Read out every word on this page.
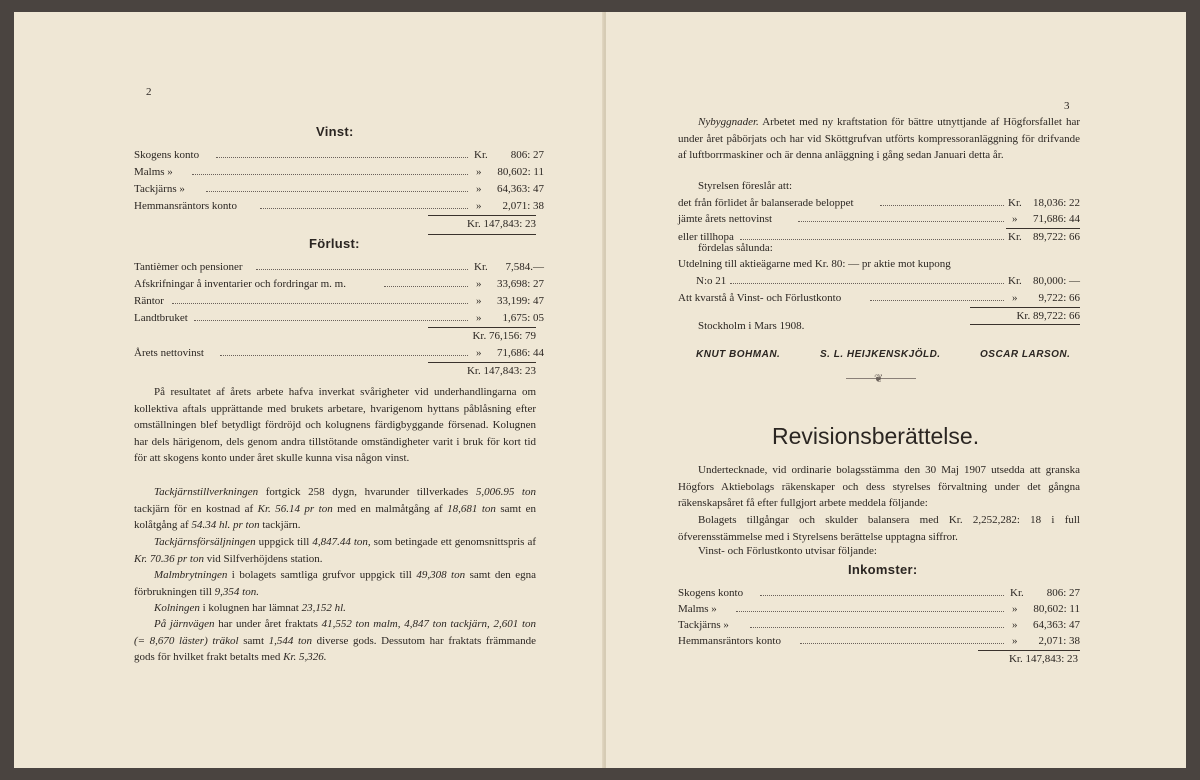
2
Vinst:
Skogens konto	Kr.	806: 27
Malms »	»	80,602: 11
Tackjärns »	»	64,363: 47
Hemmansräntors konto	»	2,071: 38
Kr. 147,843: 23
Förlust:
Tantièmer och pensioner	Kr.	7,584.—
Afskrifningar å inventarier och fordringar m. m.	»	33,698: 27
Räntor	»	33,199: 47
Landtbruket	»	1,675: 05
Kr. 76,156: 79
Årets nettovinst	»	71,686: 44
Kr. 147,843: 23
På resultatet af årets arbete hafva inverkat svårigheter vid underhandlingarna om kollektiva aftals upprättande med brukets arbetare, hvarigenom hyttans påblåsning efter omställningen blef betydligt fördröjd och kolugnens färdigbyggande försenad. Kolugnen har dels härigenom, dels genom andra tillstötande omständigheter varit i bruk för kort tid för att skogens konto under året skulle kunna visa någon vinst.
Tackjärnstillverkningen fortgick 258 dygn, hvarunder tillverkades 5,006.95 ton tackjärn för en kostnad af Kr. 56.14 pr ton med en malmåtgång af 18,681 ton samt en kolåtgång af 54.34 hl. pr ton tackjärn.
Tackjärnsförsäljningen uppgick till 4,847.44 ton, som betingade ett genomsnittspris af Kr. 70.36 pr ton vid Silfverhöjdens station.
Malmbrytningen i bolagets samtliga grufvor uppgick till 49,308 ton samt den egna förbrukningen till 9,354 ton.
Kolningen i kolugnen har lämnat 23,152 hl.
På järnvägen har under året fraktats 41,552 ton malm, 4,847 ton tackjärn, 2,601 ton (= 8,670 läster) träkol samt 1,544 ton diverse gods. Dessutom har fraktats främmande gods för hvilket frakt betalts med Kr. 5,326.
3
Nybyggnader. Arbetet med ny kraftstation för bättre utnyttjande af Högforsfallet har under året påbörjats och har vid Sköttgrufvan utförts kompressoranläggning för drifvande af luftborrmaskiner och är denna anläggning i gång sedan Januari detta år.
Styrelsen föreslår att:
det från förlidet år balanserade beloppet	Kr.	18,036: 22
jämte årets nettovinst	»	71,686: 44
eller tillhopa	Kr.	89,722: 66
fördelas sålunda:
Utdelning till aktieägarne med Kr. 80: — pr aktie mot kupong
N:o 21	Kr.	80,000: —
Att kvarstå å Vinst- och Förlustkonto	»	9,722: 66
Kr. 89,722: 66
Stockholm i Mars 1908.
KNUT BOHMAN.	S. L. HEIJKENSKJÖLD.	OSCAR LARSON.
❦
Revisionsberättelse.
Undertecknade, vid ordinarie bolagsstämma den 30 Maj 1907 utsedda att granska Högfors Aktiebolags räkenskaper och dess styrelses förvaltning under det gångna räkenskapsåret få efter fullgjort arbete meddela följande:
Bolagets tillgångar och skulder balansera med Kr. 2,252,282: 18 i full öfverensstämmelse med i Styrelsens berättelse upptagna siffror.
Vinst- och Förlustkonto utvisar följande:
Inkomster:
Skogens konto	Kr.	806: 27
Malms »	»	80,602: 11
Tackjärns »	»	64,363: 47
Hemmansräntors konto	»	2,071: 38
Kr. 147,843: 23
